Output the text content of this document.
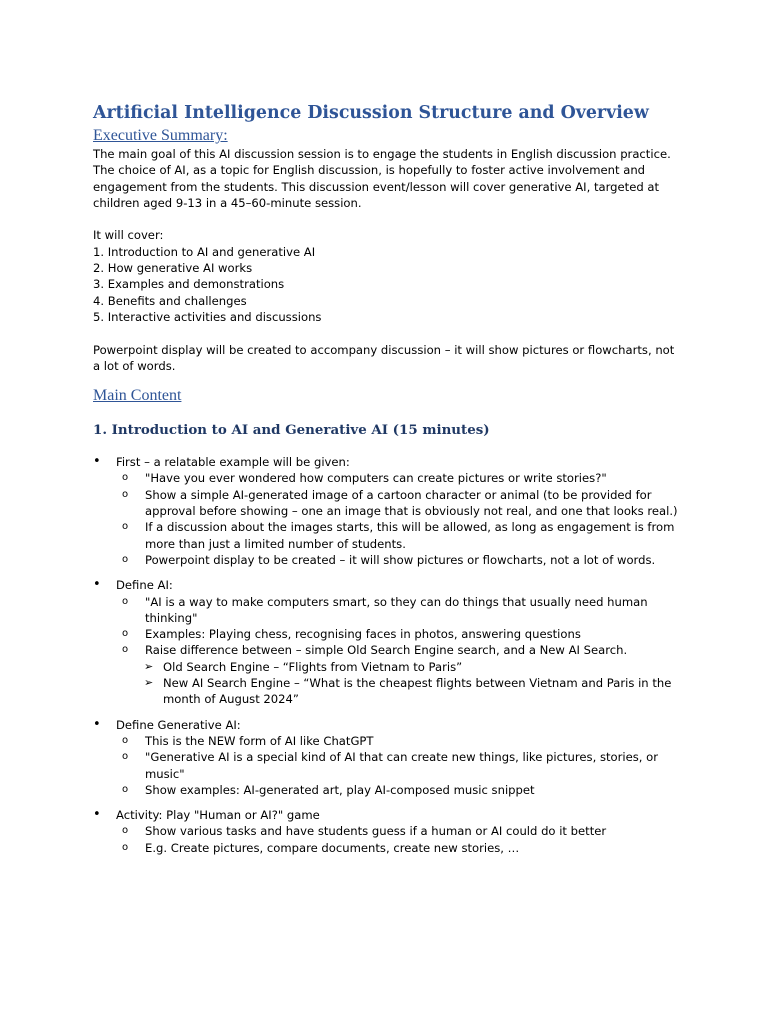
Artificial Intelligence Discussion Structure and Overview
Executive Summary:
The main goal of this AI discussion session is to engage the students in English discussion practice.
The choice of AI, as a topic for English discussion, is hopefully to foster active involvement and
engagement from the students. This discussion event/lesson will cover generative AI, targeted at
children aged 9-13 in a 45–60-minute session.
It will cover:
1. Introduction to AI and generative AI
2. How generative AI works
3. Examples and demonstrations
4. Benefits and challenges
5. Interactive activities and discussions
Powerpoint display will be created to accompany discussion – it will show pictures or flowcharts, not
a lot of words.
Main Content
1. Introduction to AI and Generative AI (15 minutes)
•	First – a relatable example will be given:
o "Have you ever wondered how computers can create pictures or write stories?"
o Show a simple AI-generated image of a cartoon character or animal (to be provided for
approval before showing – one an image that is obviously not real, and one that looks real.)
o If a discussion about the images starts, this will be allowed, as long as engagement is from
more than just a limited number of students.
o Powerpoint display to be created – it will show pictures or flowcharts, not a lot of words.
•	Define AI:
o "AI is a way to make computers smart, so they can do things that usually need human
thinking"
o Examples: Playing chess, recognising faces in photos, answering questions
o Raise difference between – simple Old Search Engine search, and a New AI Search.
➢ Old Search Engine – “Flights from Vietnam to Paris”
➢ New AI Search Engine – “What is the cheapest flights between Vietnam and Paris in the
month of August 2024”
•	Define Generative AI:
o This is the NEW form of AI like ChatGPT
o "Generative AI is a special kind of AI that can create new things, like pictures, stories, or
music"
o Show examples: AI-generated art, play AI-composed music snippet
•	Activity: Play "Human or AI?" game
o Show various tasks and have students guess if a human or AI could do it better
o E.g. Create pictures, compare documents, create new stories, …
